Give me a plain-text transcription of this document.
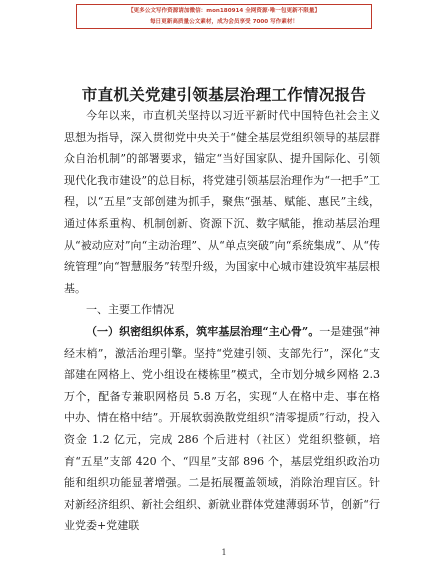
【更多公文写作资源请加微信：mon180914 全网资源·唯一包更新不限量】
每日更新高质量公文素材，成为会员享受 7000 写作素材！
市直机关党建引领基层治理工作情况报告

今年以来，市直机关坚持以习近平新时代中国特色社会主义思想为指导，深入贯彻党中央关于“健全基层党组织领导的基层群众自治机制”的部署要求，锚定“当好国家队、提升国际化、引领现代化我市建设”的总目标，将党建引领基层治理作为“一把手”工程，以“五星”支部创建为抓手，聚焦“强基、赋能、惠民”主线，通过体系重构、机制创新、资源下沉、数字赋能，推动基层治理从“被动应对”向“主动治理”、从“单点突破”向“系统集成”、从“传统管理”向“智慧服务”转型升级，为国家中心城市建设筑牢基层根基。

一、主要工作情况

（一）织密组织体系，筑牢基层治理“主心骨”。一是建强“神经末梢”，激活治理引擎。坚持“党建引领、支部先行”，深化“支部建在网格上、党小组设在楼栋里”模式，全市划分城乡网格 2.3 万个，配备专兼职网格员 5.8 万名，实现“人在格中走、事在格中办、情在格中结”。开展软弱涣散党组织“清零提质”行动，投入资金 1.2 亿元，完成 286 个后进村（社区）党组织整顿，培育“五星”支部 420 个、“四星”支部 896 个，基层党组织政治功能和组织功能显著增强。二是拓展覆盖领域，消除治理盲区。针对新经济组织、新社会组织、新就业群体党建薄弱环节，创新“行业党委+党建联

1
